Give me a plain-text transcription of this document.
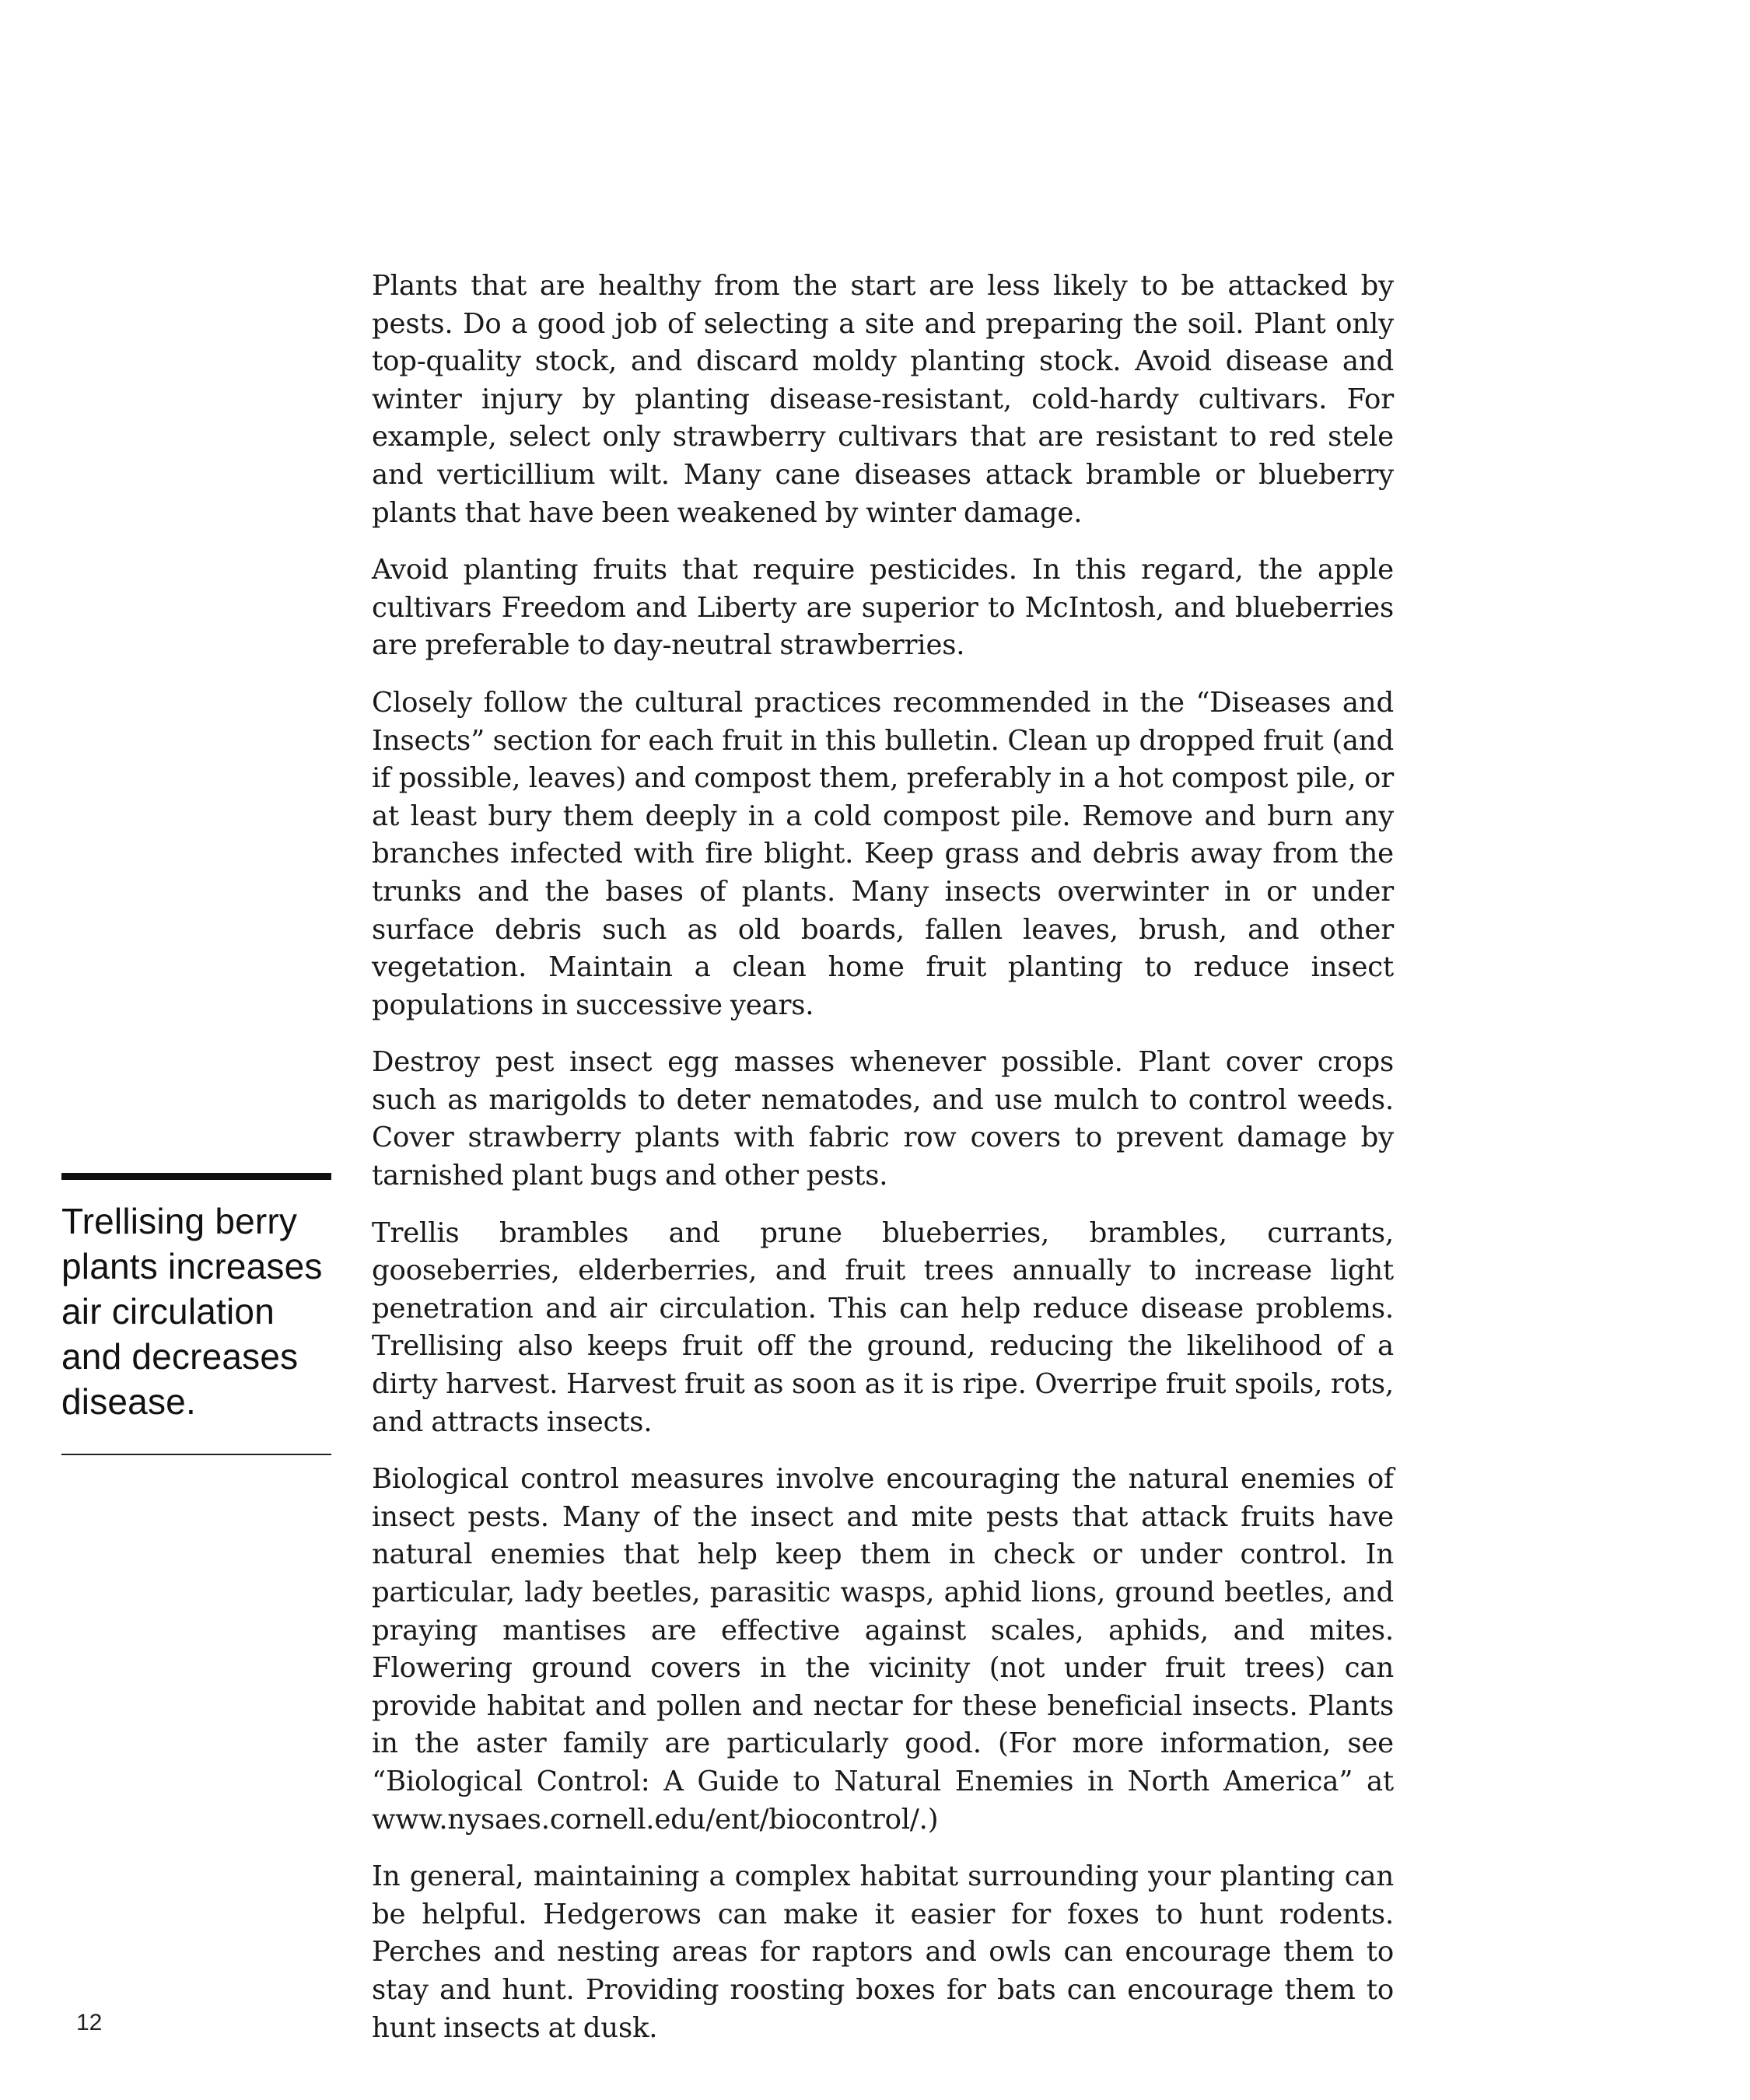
Plants that are healthy from the start are less likely to be attacked by pests. Do a good job of selecting a site and preparing the soil. Plant only top-quality stock, and discard moldy planting stock. Avoid disease and winter injury by planting disease-resistant, cold-hardy cultivars. For example, select only strawberry cultivars that are resistant to red stele and verticillium wilt. Many cane diseases attack bramble or blueberry plants that have been weakened by winter damage.

Avoid planting fruits that require pesticides. In this regard, the apple cultivars Freedom and Liberty are superior to McIntosh, and blueberries are preferable to day-neutral strawberries.

Closely follow the cultural practices recommended in the “Diseases and Insects” section for each fruit in this bulletin. Clean up dropped fruit (and if possible, leaves) and compost them, preferably in a hot compost pile, or at least bury them deeply in a cold compost pile. Remove and burn any branches infected with fire blight. Keep grass and debris away from the trunks and the bases of plants. Many insects overwinter in or under surface debris such as old boards, fallen leaves, brush, and other vegetation. Maintain a clean home fruit planting to reduce insect populations in successive years.

Destroy pest insect egg masses whenever possible. Plant cover crops such as marigolds to deter nematodes, and use mulch to control weeds. Cover strawberry plants with fabric row covers to prevent damage by tarnished plant bugs and other pests.

Trellis brambles and prune blueberries, brambles, currants, gooseberries, elderberries, and fruit trees annually to increase light penetration and air circulation. This can help reduce disease problems. Trellising also keeps fruit off the ground, reducing the likelihood of a dirty harvest. Harvest fruit as soon as it is ripe. Overripe fruit spoils, rots, and attracts insects.

Biological control measures involve encouraging the natural enemies of insect pests. Many of the insect and mite pests that attack fruits have natural enemies that help keep them in check or under control. In particular, lady beetles, parasitic wasps, aphid lions, ground beetles, and praying mantises are effective against scales, aphids, and mites. Flowering ground covers in the vicinity (not under fruit trees) can provide habitat and pollen and nectar for these beneficial insects. Plants in the aster family are particularly good. (For more information, see “Biological Control: A Guide to Natural Enemies in North America” at www.nysaes.cornell.edu/ent/biocontrol/.)

In general, maintaining a complex habitat surrounding your planting can be helpful. Hedgerows can make it easier for foxes to hunt rodents. Perches and nesting areas for raptors and owls can encourage them to stay and hunt. Providing roosting boxes for bats can encourage them to hunt insects at dusk.

Trellising berry plants increases air circulation and decreases disease.

12
